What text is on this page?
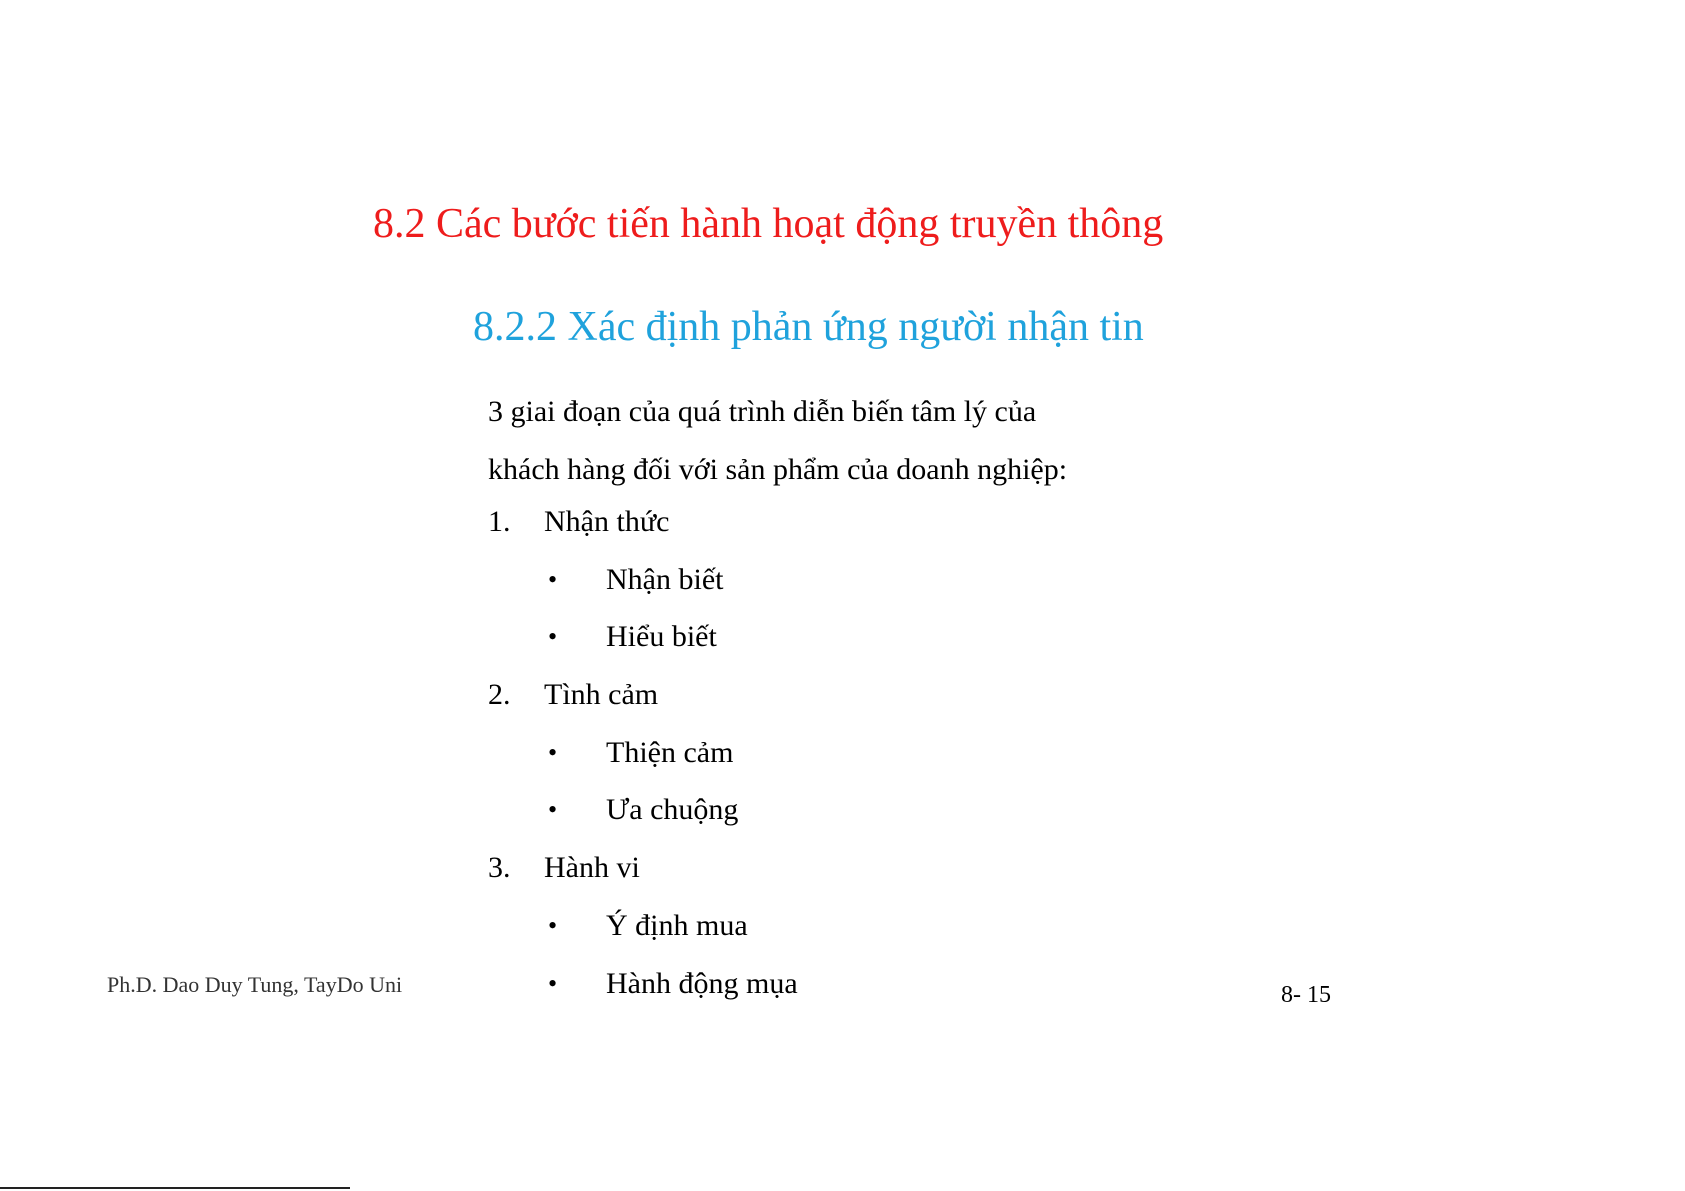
8.2 Các bước tiến hành hoạt động truyền thông
8.2.2 Xác định phản ứng người nhận tin
3 giai đoạn của quá trình diễn biến tâm lý của
khách hàng đối với sản phẩm của doanh nghiệp:
1. Nhận thức
• Nhận biết
• Hiểu biết
2. Tình cảm
• Thiện cảm
• Ưa chuộng
3. Hành vi
• Ý định mua
• Hành động mụa
Ph.D. Dao Duy Tung, TayDo Uni	8- 15
